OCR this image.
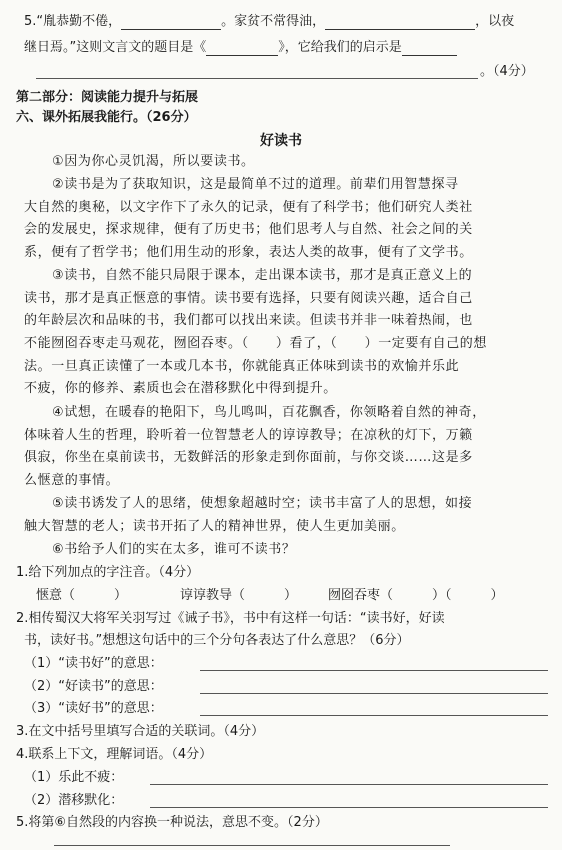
5.“胤恭勤不倦，	。家贫不常得油，	，以夜
继日焉。”这则文言文的题目是《	》，它给我们的启示是
。（4分）
第二部分：阅读能力提升与拓展
六、课外拓展我能行。（26分）
好读书
①因为你心灵饥渴，所以要读书。
②读书是为了获取知识，这是最简单不过的道理。前辈们用智慧探寻
大自然的奥秘，以文字作下了永久的记录，便有了科学书；他们研究人类社
会的发展史，探求规律，便有了历史书；他们思考人与自然、社会之间的关
系，便有了哲学书；他们用生动的形象，表达人类的故事，便有了文学书。
③读书，自然不能只局限于课本，走出课本读书，那才是真正意义上的
读书，那才是真正惬意的事情。读书要有选择，只要有阅读兴趣，适合自己
的年龄层次和品味的书，我们都可以找出来读。但读书并非一味着热闹，也
不能囫囵吞枣走马观花，囫囵吞枣。（　　）看了，（　　）一定要有自己的想
法。一旦真正读懂了一本或几本书，你就能真正体味到读书的欢愉并乐此
不疲，你的修养、素质也会在潜移默化中得到提升。
④试想，在暖春的艳阳下，鸟儿鸣叫，百花飘香，你领略着自然的神奇，
体味着人生的哲理，聆听着一位智慧老人的谆谆教导；在凉秋的灯下，万籁
俱寂，你坐在桌前读书，无数鲜活的形象走到你面前，与你交谈……这是多
么惬意的事情。
⑤读书诱发了人的思绪，使想象超越时空；读书丰富了人的思想，如接
触大智慧的老人；读书开拓了人的精神世界，使人生更加美丽。
⑥书给予人们的实在太多，谁可不读书？
1.给下列加点的字注音。（4分）
惬意（　　　）	谆谆教导（　　　） 囫囵吞枣（　　　）（　　　）
2.相传蜀汉大将军关羽写过《诫子书》，书中有这样一句话：“读书好，好读
书，读好书。”想想这句话中的三个分句各表达了什么意思？（6分）
（1）“读书好”的意思：
（2）“好读书”的意思：
（3）“读好书”的意思：
3.在文中括号里填写合适的关联词。（4分）
4.联系上下文，理解词语。（4分）
（1）乐此不疲：
（2）潜移默化：
5.将第⑥自然段的内容换一种说法，意思不变。（2分）
